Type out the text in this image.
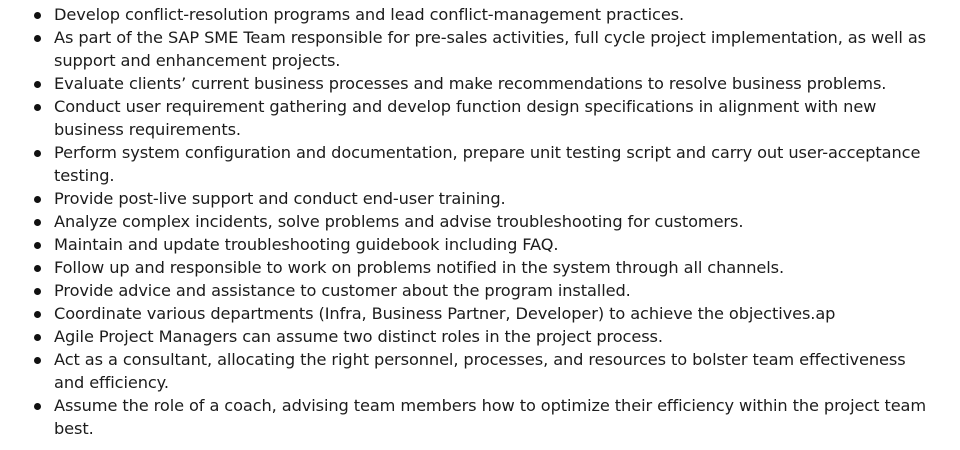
Develop conflict-resolution programs and lead conflict-management practices.
As part of the SAP SME Team responsible for pre-sales activities, full cycle project implementation, as well as support and enhancement projects.
Evaluate clients’ current business processes and make recommendations to resolve business problems.
Conduct user requirement gathering and develop function design specifications in alignment with new business requirements.
Perform system configuration and documentation, prepare unit testing script and carry out user-acceptance testing.
Provide post-live support and conduct end-user training.
Analyze complex incidents, solve problems and advise troubleshooting for customers.
Maintain and update troubleshooting guidebook including FAQ.
Follow up and responsible to work on problems notified in the system through all channels.
Provide advice and assistance to customer about the program installed.
Coordinate various departments (Infra, Business Partner, Developer) to achieve the objectives.ap
Agile Project Managers can assume two distinct roles in the project process.
Act as a consultant, allocating the right personnel, processes, and resources to bolster team effectiveness and efficiency.
Assume the role of a coach, advising team members how to optimize their efficiency within the project team best.
